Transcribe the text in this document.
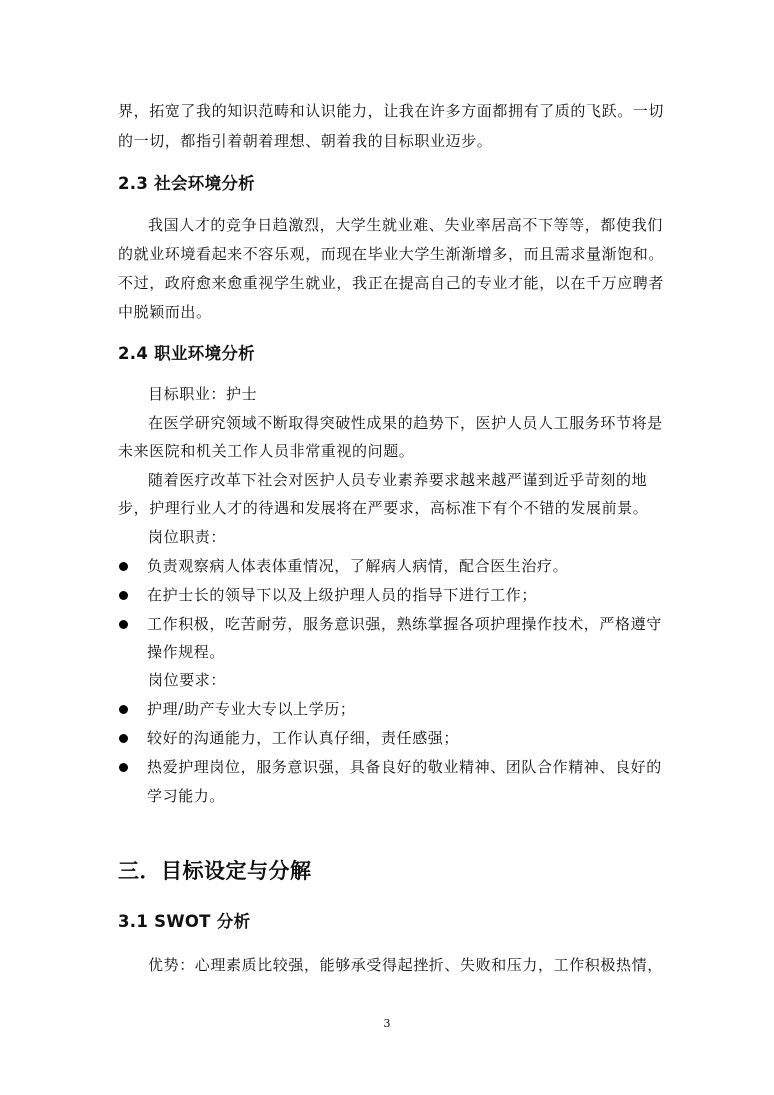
界，拓宽了我的知识范畴和认识能力，让我在许多方面都拥有了质的飞跃。一切
的一切，都指引着朝着理想、朝着我的目标职业迈步。
2.3 社会环境分析
我国人才的竞争日趋激烈，大学生就业难、失业率居高不下等等，都使我们
的就业环境看起来不容乐观，而现在毕业大学生渐渐增多，而且需求量渐饱和。
不过，政府愈来愈重视学生就业，我正在提高自己的专业才能，以在千万应聘者
中脱颖而出。
2.4 职业环境分析
目标职业：护士
在医学研究领域不断取得突破性成果的趋势下，医护人员人工服务环节将是
未来医院和机关工作人员非常重视的问题。
随着医疗改革下社会对医护人员专业素养要求越来越严谨到近乎苛刻的地
步，护理行业人才的待遇和发展将在严要求，高标准下有个不错的发展前景。
岗位职责：
负责观察病人体表体重情况，了解病人病情，配合医生治疗。
在护士长的领导下以及上级护理人员的指导下进行工作；
工作积极，吃苦耐劳，服务意识强，熟练掌握各项护理操作技术，严格遵守
操作规程。
岗位要求：
护理/助产专业大专以上学历；
较好的沟通能力，工作认真仔细，责任感强；
热爱护理岗位，服务意识强，具备良好的敬业精神、团队合作精神、良好的
学习能力。
三．目标设定与分解
3.1 SWOT 分析
优势：心理素质比较强，能够承受得起挫折、失败和压力，工作积极热情，
3
